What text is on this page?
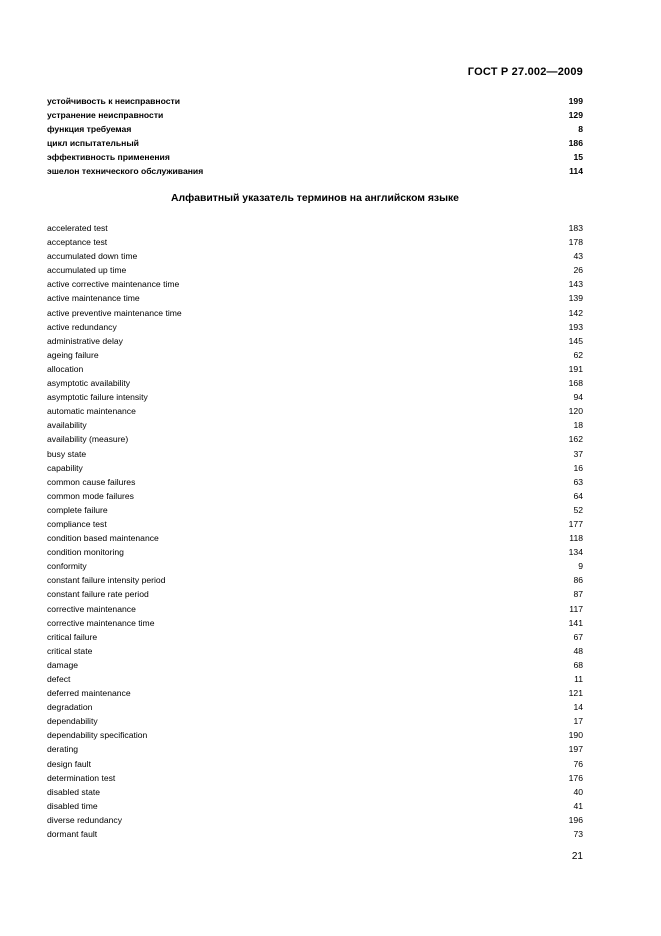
ГОСТ Р 27.002—2009
устойчивость к неисправности	199
устранение неисправности	129
функция требуемая	8
цикл испытательный	186
эффективность применения	15
эшелон технического обслуживания	114
Алфавитный указатель терминов на английском языке
accelerated test	183
acceptance test	178
accumulated down time	43
accumulated up time	26
active corrective maintenance time	143
active maintenance time	139
active preventive maintenance time	142
active redundancy	193
administrative delay	145
ageing failure	62
allocation	191
asymptotic availability	168
asymptotic failure intensity	94
automatic maintenance	120
availability	18
availability (measure)	162
busy state	37
capability	16
common cause failures	63
common mode failures	64
complete failure	52
compliance test	177
condition based maintenance	118
condition monitoring	134
conformity	9
constant failure intensity period	86
constant failure rate period	87
corrective maintenance	117
corrective maintenance time	141
critical failure	67
critical state	48
damage	68
defect	11
deferred maintenance	121
degradation	14
dependability	17
dependability specification	190
derating	197
design fault	76
determination test	176
disabled state	40
disabled time	41
diverse redundancy	196
dormant fault	73
21
